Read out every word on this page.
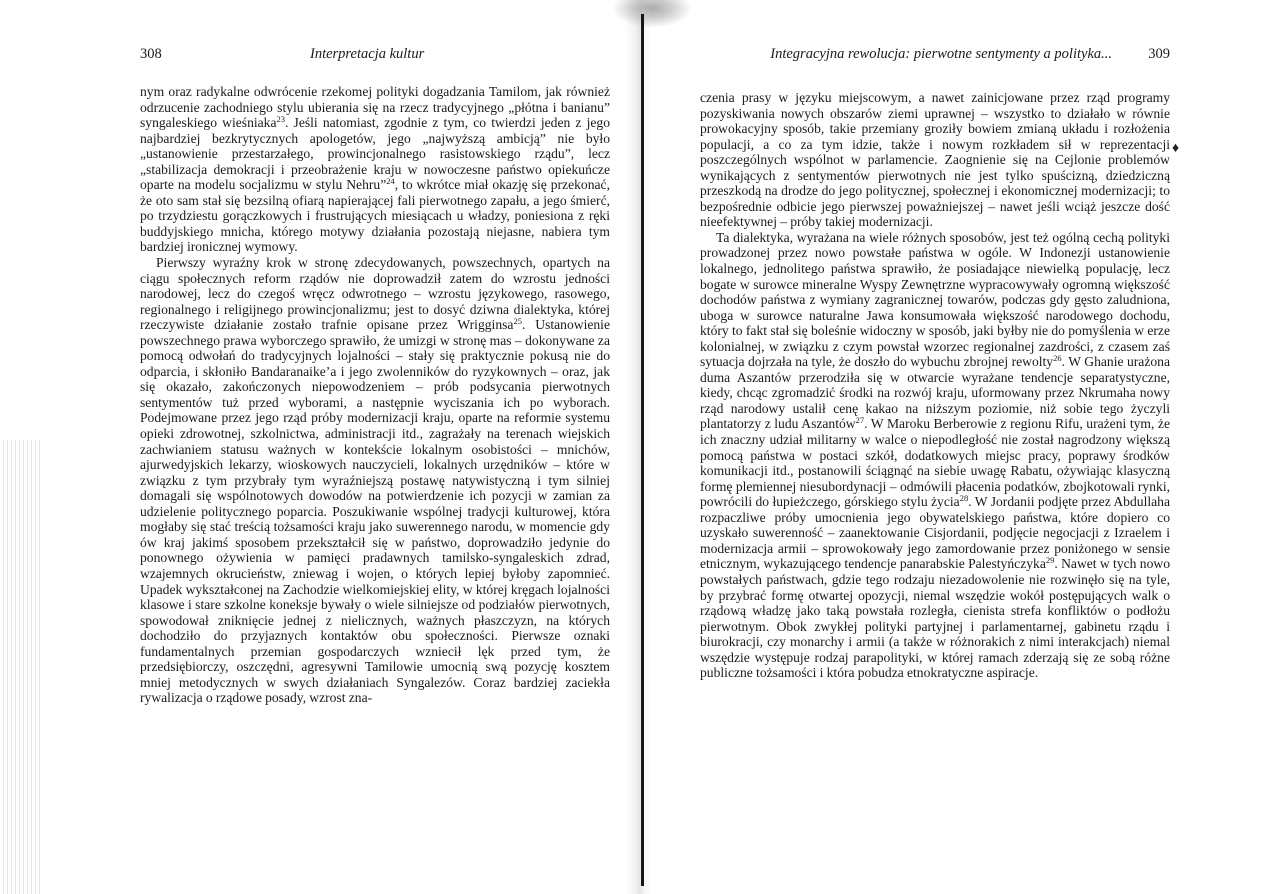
308	Interpretacja kultur

nym oraz radykalne odwrócenie rzekomej polityki dogadzania Tamilom, jak również odrzucenie zachodniego stylu ubierania się na rzecz tradycyjnego „płótna i banianu” syngaleskiego wieśniaka$^{23}$. Jeśli natomiast, zgodnie z tym, co twierdzi jeden z jego najbardziej bezkrytycznych apologetów, jego „najwyższą ambicją” nie było „ustanowienie przestarzałego, prowincjonalnego rasistowskiego rządu”, lecz „stabilizacja demokracji i przeobrażenie kraju w nowoczesne państwo opiekuńcze oparte na modelu socjalizmu w stylu Nehru”$^{24}$, to wkrótce miał okazję się przekonać, że oto sam stał się bezsilną ofiarą napierającej fali pierwotnego zapału, a jego śmierć, po trzydziestu gorączkowych i frustrujących miesiącach u władzy, poniesiona z ręki buddyjskiego mnicha, którego motywy działania pozostają niejasne, nabiera tym bardziej ironicznej wymowy.

Pierwszy wyraźny krok w stronę zdecydowanych, powszechnych, opartych na ciągu społecznych reform rządów nie doprowadził zatem do wzrostu jedności narodowej, lecz do czegoś wręcz odwrotnego – wzrostu językowego, rasowego, regionalnego i religijnego prowincjonalizmu; jest to dosyć dziwna dialektyka, której rzeczywiste działanie zostało trafnie opisane przez Wrigginsa$^{25}$. Ustanowienie powszechnego prawa wyborczego sprawiło, że umizgi w stronę mas – dokonywane za pomocą odwołań do tradycyjnych lojalności – stały się praktycznie pokusą nie do odparcia, i skłoniło Bandaranaike’a i jego zwolenników do ryzykownych – oraz, jak się okazało, zakończonych niepowodzeniem – prób podsycania pierwotnych sentymentów tuż przed wyborami, a następnie wyciszania ich po wyborach. Podejmowane przez jego rząd próby modernizacji kraju, oparte na reformie systemu opieki zdrowotnej, szkolnictwa, administracji itd., zagrażały na terenach wiejskich zachwianiem statusu ważnych w kontekście lokalnym osobistości – mnichów, ajurwedyjskich lekarzy, wioskowych nauczycieli, lokalnych urzędników – które w związku z tym przybrały tym wyraźniejszą postawę natywistyczną i tym silniej domagali się wspólnotowych dowodów na potwierdzenie ich pozycji w zamian za udzielenie politycznego poparcia. Poszukiwanie wspólnej tradycji kulturowej, która mogłaby się stać treścią tożsamości kraju jako suwerennego narodu, w momencie gdy ów kraj jakimś sposobem przekształcił się w państwo, doprowadziło jedynie do ponownego ożywienia w pamięci pradawnych tamilsko-syngaleskich zdrad, wzajemnych okrucieństw, zniewag i wojen, o których lepiej byłoby zapomnieć. Upadek wykształconej na Zachodzie wielkomiejskiej elity, w której kręgach lojalności klasowe i stare szkolne koneksje bywały o wiele silniejsze od podziałów pierwotnych, spowodował zniknięcie jednej z nielicznych, ważnych płaszczyzn, na których dochodziło do przyjaznych kontaktów obu społeczności. Pierwsze oznaki fundamentalnych przemian gospodarczych wzniecił lęk przed tym, że przedsiębiorczy, oszczędni, agresywni Tamilowie umocnią swą pozycję kosztem mniej metodycznych w swych działaniach Syngalezów. Coraz bardziej zaciekła rywalizacja o rządowe posady, wzrost zna-

Integracyjna rewolucja: pierwotne sentymenty a polityka...	309

czenia prasy w języku miejscowym, a nawet zainicjowane przez rząd programy pozyskiwania nowych obszarów ziemi uprawnej – wszystko to działało w równie prowokacyjny sposób, takie przemiany groziły bowiem zmianą układu i rozłożenia populacji, a co za tym idzie, także i nowym rozkładem sił w reprezentacji poszczególnych wspólnot w parlamencie. Zaognienie się na Cejlonie problemów wynikających z sentymentów pierwotnych nie jest tylko spuścizną, dziedziczną przeszkodą na drodze do jego politycznej, społecznej i ekonomicznej modernizacji; to bezpośrednie odbicie jego pierwszej poważniejszej – nawet jeśli wciąż jeszcze dość nieefektywnej – próby takiej modernizacji.

Ta dialektyka, wyrażana na wiele różnych sposobów, jest też ogólną cechą polityki prowadzonej przez nowo powstałe państwa w ogóle. W Indonezji ustanowienie lokalnego, jednolitego państwa sprawiło, że posiadające niewielką populację, lecz bogate w surowce mineralne Wyspy Zewnętrzne wypracowywały ogromną większość dochodów państwa z wymiany zagranicznej towarów, podczas gdy gęsto zaludniona, uboga w surowce naturalne Jawa konsumowała większość narodowego dochodu, który to fakt stał się boleśnie widoczny w sposób, jaki byłby nie do pomyślenia w erze kolonialnej, w związku z czym powstał wzorzec regionalnej zazdrości, z czasem zaś sytuacja dojrzała na tyle, że doszło do wybuchu zbrojnej rewolty$^{26}$. W Ghanie urażona duma Aszantów przerodziła się w otwarcie wyrażane tendencje separatystyczne, kiedy, chcąc zgromadzić środki na rozwój kraju, uformowany przez Nkrumaha nowy rząd narodowy ustalił cenę kakao na niższym poziomie, niż sobie tego życzyli plantatorzy z ludu Aszantów$^{27}$. W Maroku Berberowie z regionu Rifu, urażeni tym, że ich znaczny udział militarny w walce o niepodległość nie został nagrodzony większą pomocą państwa w postaci szkół, dodatkowych miejsc pracy, poprawy środków komunikacji itd., postanowili ściągnąć na siebie uwagę Rabatu, ożywiając klasyczną formę plemiennej niesubordynacji – odmówili płacenia podatków, zbojkotowali rynki, powrócili do łupieżczego, górskiego stylu życia$^{28}$. W Jordanii podjęte przez Abdullaha rozpaczliwe próby umocnienia jego obywatelskiego państwa, które dopiero co uzyskało suwerenność – zaanektowanie Cisjordanii, podjęcie negocjacji z Izraelem i modernizacja armii – sprowokowały jego zamordowanie przez poniżonego w sensie etnicznym, wykazującego tendencje panarabskie Palestyńczyka$^{29}$. Nawet w tych nowo powstałych państwach, gdzie tego rodzaju niezadowolenie nie rozwinęło się na tyle, by przybrać formę otwartej opozycji, niemal wszędzie wokół postępujących walk o rządową władzę jako taką powstała rozległa, cienista strefa konfliktów o podłożu pierwotnym. Obok zwykłej polityki partyjnej i parlamentarnej, gabinetu rządu i biurokracji, czy monarchy i armii (a także w różnorakich z nimi interakcjach) niemal wszędzie występuje rodzaj parapolityki, w której ramach zderzają się ze sobą różne publiczne tożsamości i która pobudza etnokratyczne aspiracje.

♦
